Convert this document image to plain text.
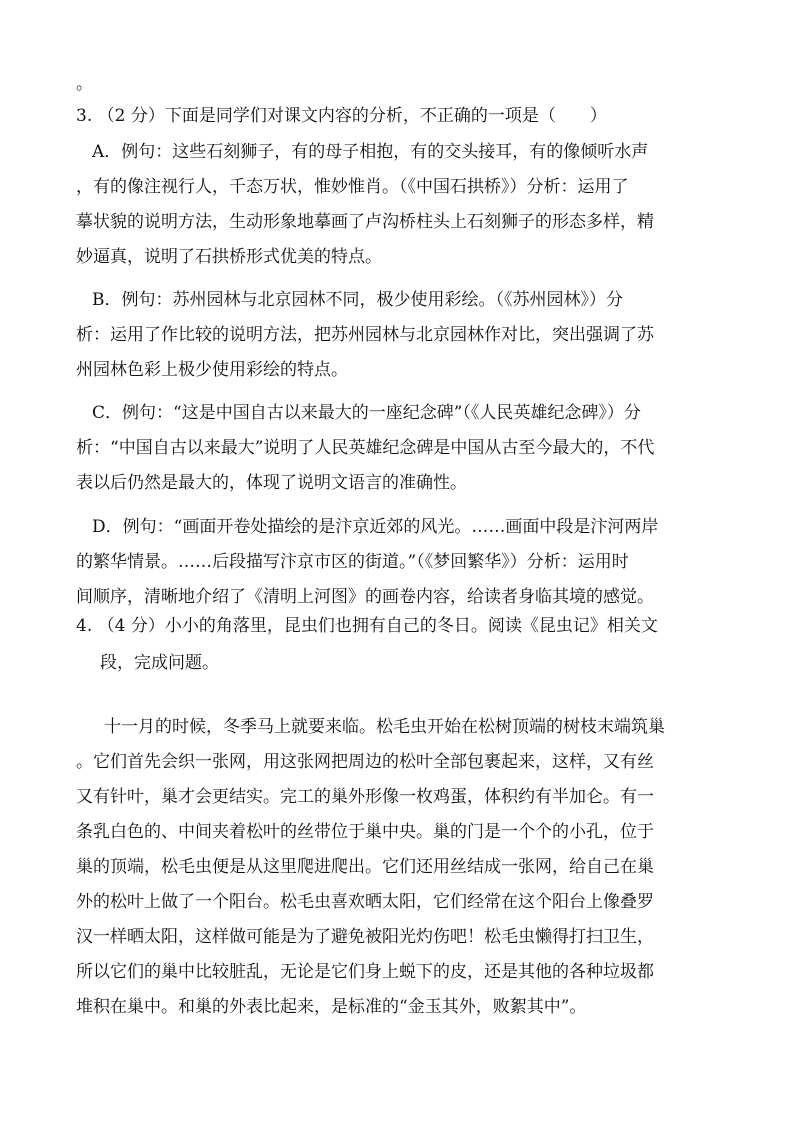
。
3. （2 分）下面是同学们对课文内容的分析，不正确的一项是（　　）
A．例句：这些石刻狮子，有的母子相抱，有的交头接耳，有的像倾听水声
，有的像注视行人，千态万状，惟妙惟肖。（《中国石拱桥》）分析：运用了
摹状貌的说明方法，生动形象地摹画了卢沟桥柱头上石刻狮子的形态多样，精
妙逼真，说明了石拱桥形式优美的特点。
B．例句：苏州园林与北京园林不同，极少使用彩绘。（《苏州园林》）分
析：运用了作比较的说明方法，把苏州园林与北京园林作对比，突出强调了苏
州园林色彩上极少使用彩绘的特点。
C．例句：“这是中国自古以来最大的一座纪念碑”（《人民英雄纪念碑》）分
析：“中国自古以来最大”说明了人民英雄纪念碑是中国从古至今最大的，不代
表以后仍然是最大的，体现了说明文语言的准确性。
D．例句：“画面开卷处描绘的是汴京近郊的风光。……画面中段是汴河两岸
的繁华情景。……后段描写汴京市区的街道。”（《梦回繁华》）分析：运用时
间顺序，清晰地介绍了《清明上河图》的画卷内容，给读者身临其境的感觉。
4. （4 分）小小的角落里，昆虫们也拥有自己的冬日。阅读《昆虫记》相关文
段，完成问题。
十一月的时候，冬季马上就要来临。松毛虫开始在松树顶端的树枝末端筑巢
。它们首先会织一张网，用这张网把周边的松叶全部包裹起来，这样，又有丝
又有针叶，巢才会更结实。完工的巢外形像一枚鸡蛋，体积约有半加仑。有一
条乳白色的、中间夹着松叶的丝带位于巢中央。巢的门是一个个的小孔，位于
巢的顶端，松毛虫便是从这里爬进爬出。它们还用丝结成一张网，给自己在巢
外的松叶上做了一个阳台。松毛虫喜欢晒太阳，它们经常在这个阳台上像叠罗
汉一样晒太阳，这样做可能是为了避免被阳光灼伤吧！松毛虫懒得打扫卫生，
所以它们的巢中比较脏乱，无论是它们身上蜕下的皮，还是其他的各种垃圾都
堆积在巢中。和巢的外表比起来，是标准的“金玉其外，败絮其中”。
